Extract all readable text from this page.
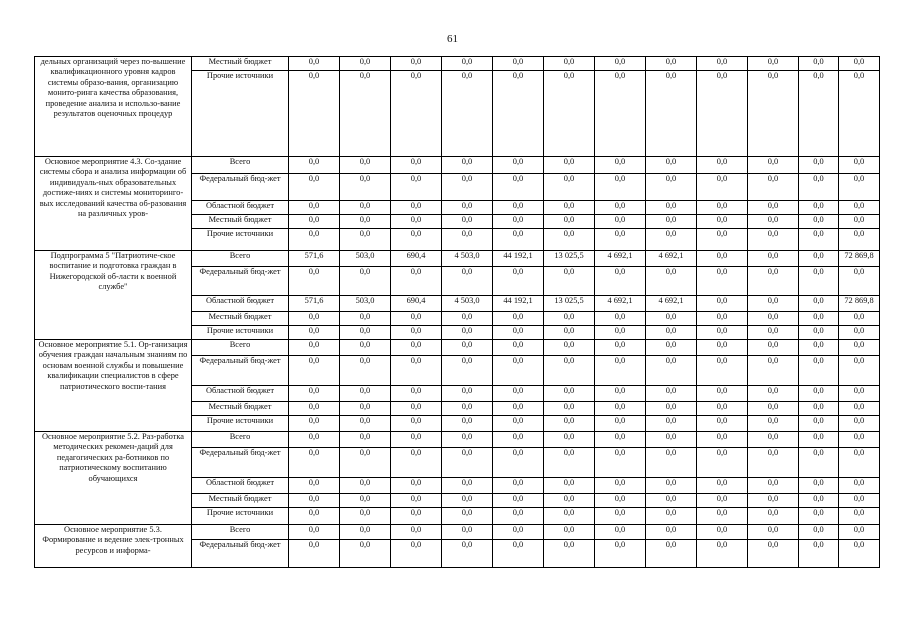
61
дельных организаций через по-вышение квалификационного уровня кадров системы образо-вания, организацию монито-ринга качества образования, проведение анализа и использо-вание результатов оценочных процедур	Местный бюджет	0,0	0,0	0,0	0,0	0,0	0,0	0,0	0,0	0,0	0,0	0,0	0,0
	Прочие источники	0,0	0,0	0,0	0,0	0,0	0,0	0,0	0,0	0,0	0,0	0,0	0,0
Основное мероприятие 4.3. Со-здание системы сбора и анализа информации об индивидуаль-ных образовательных достиже-ниях и системы мониторинго-вых исследований качества об-разования на различных уров-	Всего	0,0	0,0	0,0	0,0	0,0	0,0	0,0	0,0	0,0	0,0	0,0	0,0
	Федеральный бюд-жет	0,0	0,0	0,0	0,0	0,0	0,0	0,0	0,0	0,0	0,0	0,0	0,0
	Областной бюджет	0,0	0,0	0,0	0,0	0,0	0,0	0,0	0,0	0,0	0,0	0,0	0,0
	Местный бюджет	0,0	0,0	0,0	0,0	0,0	0,0	0,0	0,0	0,0	0,0	0,0	0,0
	Прочие источники	0,0	0,0	0,0	0,0	0,0	0,0	0,0	0,0	0,0	0,0	0,0	0,0
Подпрограмма 5 "Патриотиче-ское воспитание и подготовка граждан в Нижегородской об-ласти к военной службе"	Всего	571,6	503,0	690,4	4 503,0	44 192,1	13 025,5	4 692,1	4 692,1	0,0	0,0	0,0	72 869,8
	Федеральный бюд-жет	0,0	0,0	0,0	0,0	0,0	0,0	0,0	0,0	0,0	0,0	0,0	0,0
	Областной бюджет	571,6	503,0	690,4	4 503,0	44 192,1	13 025,5	4 692,1	4 692,1	0,0	0,0	0,0	72 869,8
	Местный бюджет	0,0	0,0	0,0	0,0	0,0	0,0	0,0	0,0	0,0	0,0	0,0	0,0
	Прочие источники	0,0	0,0	0,0	0,0	0,0	0,0	0,0	0,0	0,0	0,0	0,0	0,0
Основное мероприятие 5.1. Ор-ганизация обучения граждан начальным знаниям по основам военной службы и повышение квалификации специалистов в сфере патриотического воспи-тания	Всего	0,0	0,0	0,0	0,0	0,0	0,0	0,0	0,0	0,0	0,0	0,0	0,0
	Федеральный бюд-жет	0,0	0,0	0,0	0,0	0,0	0,0	0,0	0,0	0,0	0,0	0,0	0,0
	Областной бюджет	0,0	0,0	0,0	0,0	0,0	0,0	0,0	0,0	0,0	0,0	0,0	0,0
	Местный бюджет	0,0	0,0	0,0	0,0	0,0	0,0	0,0	0,0	0,0	0,0	0,0	0,0
	Прочие источники	0,0	0,0	0,0	0,0	0,0	0,0	0,0	0,0	0,0	0,0	0,0	0,0
Основное мероприятие 5.2. Раз-работка методических рекомен-даций для педагогических ра-ботников по патриотическому воспитанию обучающихся	Всего	0,0	0,0	0,0	0,0	0,0	0,0	0,0	0,0	0,0	0,0	0,0	0,0
	Федеральный бюд-жет	0,0	0,0	0,0	0,0	0,0	0,0	0,0	0,0	0,0	0,0	0,0	0,0
	Областной бюджет	0,0	0,0	0,0	0,0	0,0	0,0	0,0	0,0	0,0	0,0	0,0	0,0
	Местный бюджет	0,0	0,0	0,0	0,0	0,0	0,0	0,0	0,0	0,0	0,0	0,0	0,0
	Прочие источники	0,0	0,0	0,0	0,0	0,0	0,0	0,0	0,0	0,0	0,0	0,0	0,0
Основное мероприятие 5.3. Формирование и ведение элек-тронных ресурсов и информа-	Всего	0,0	0,0	0,0	0,0	0,0	0,0	0,0	0,0	0,0	0,0	0,0	0,0
	Федеральный бюд-жет	0,0	0,0	0,0	0,0	0,0	0,0	0,0	0,0	0,0	0,0	0,0	0,0
